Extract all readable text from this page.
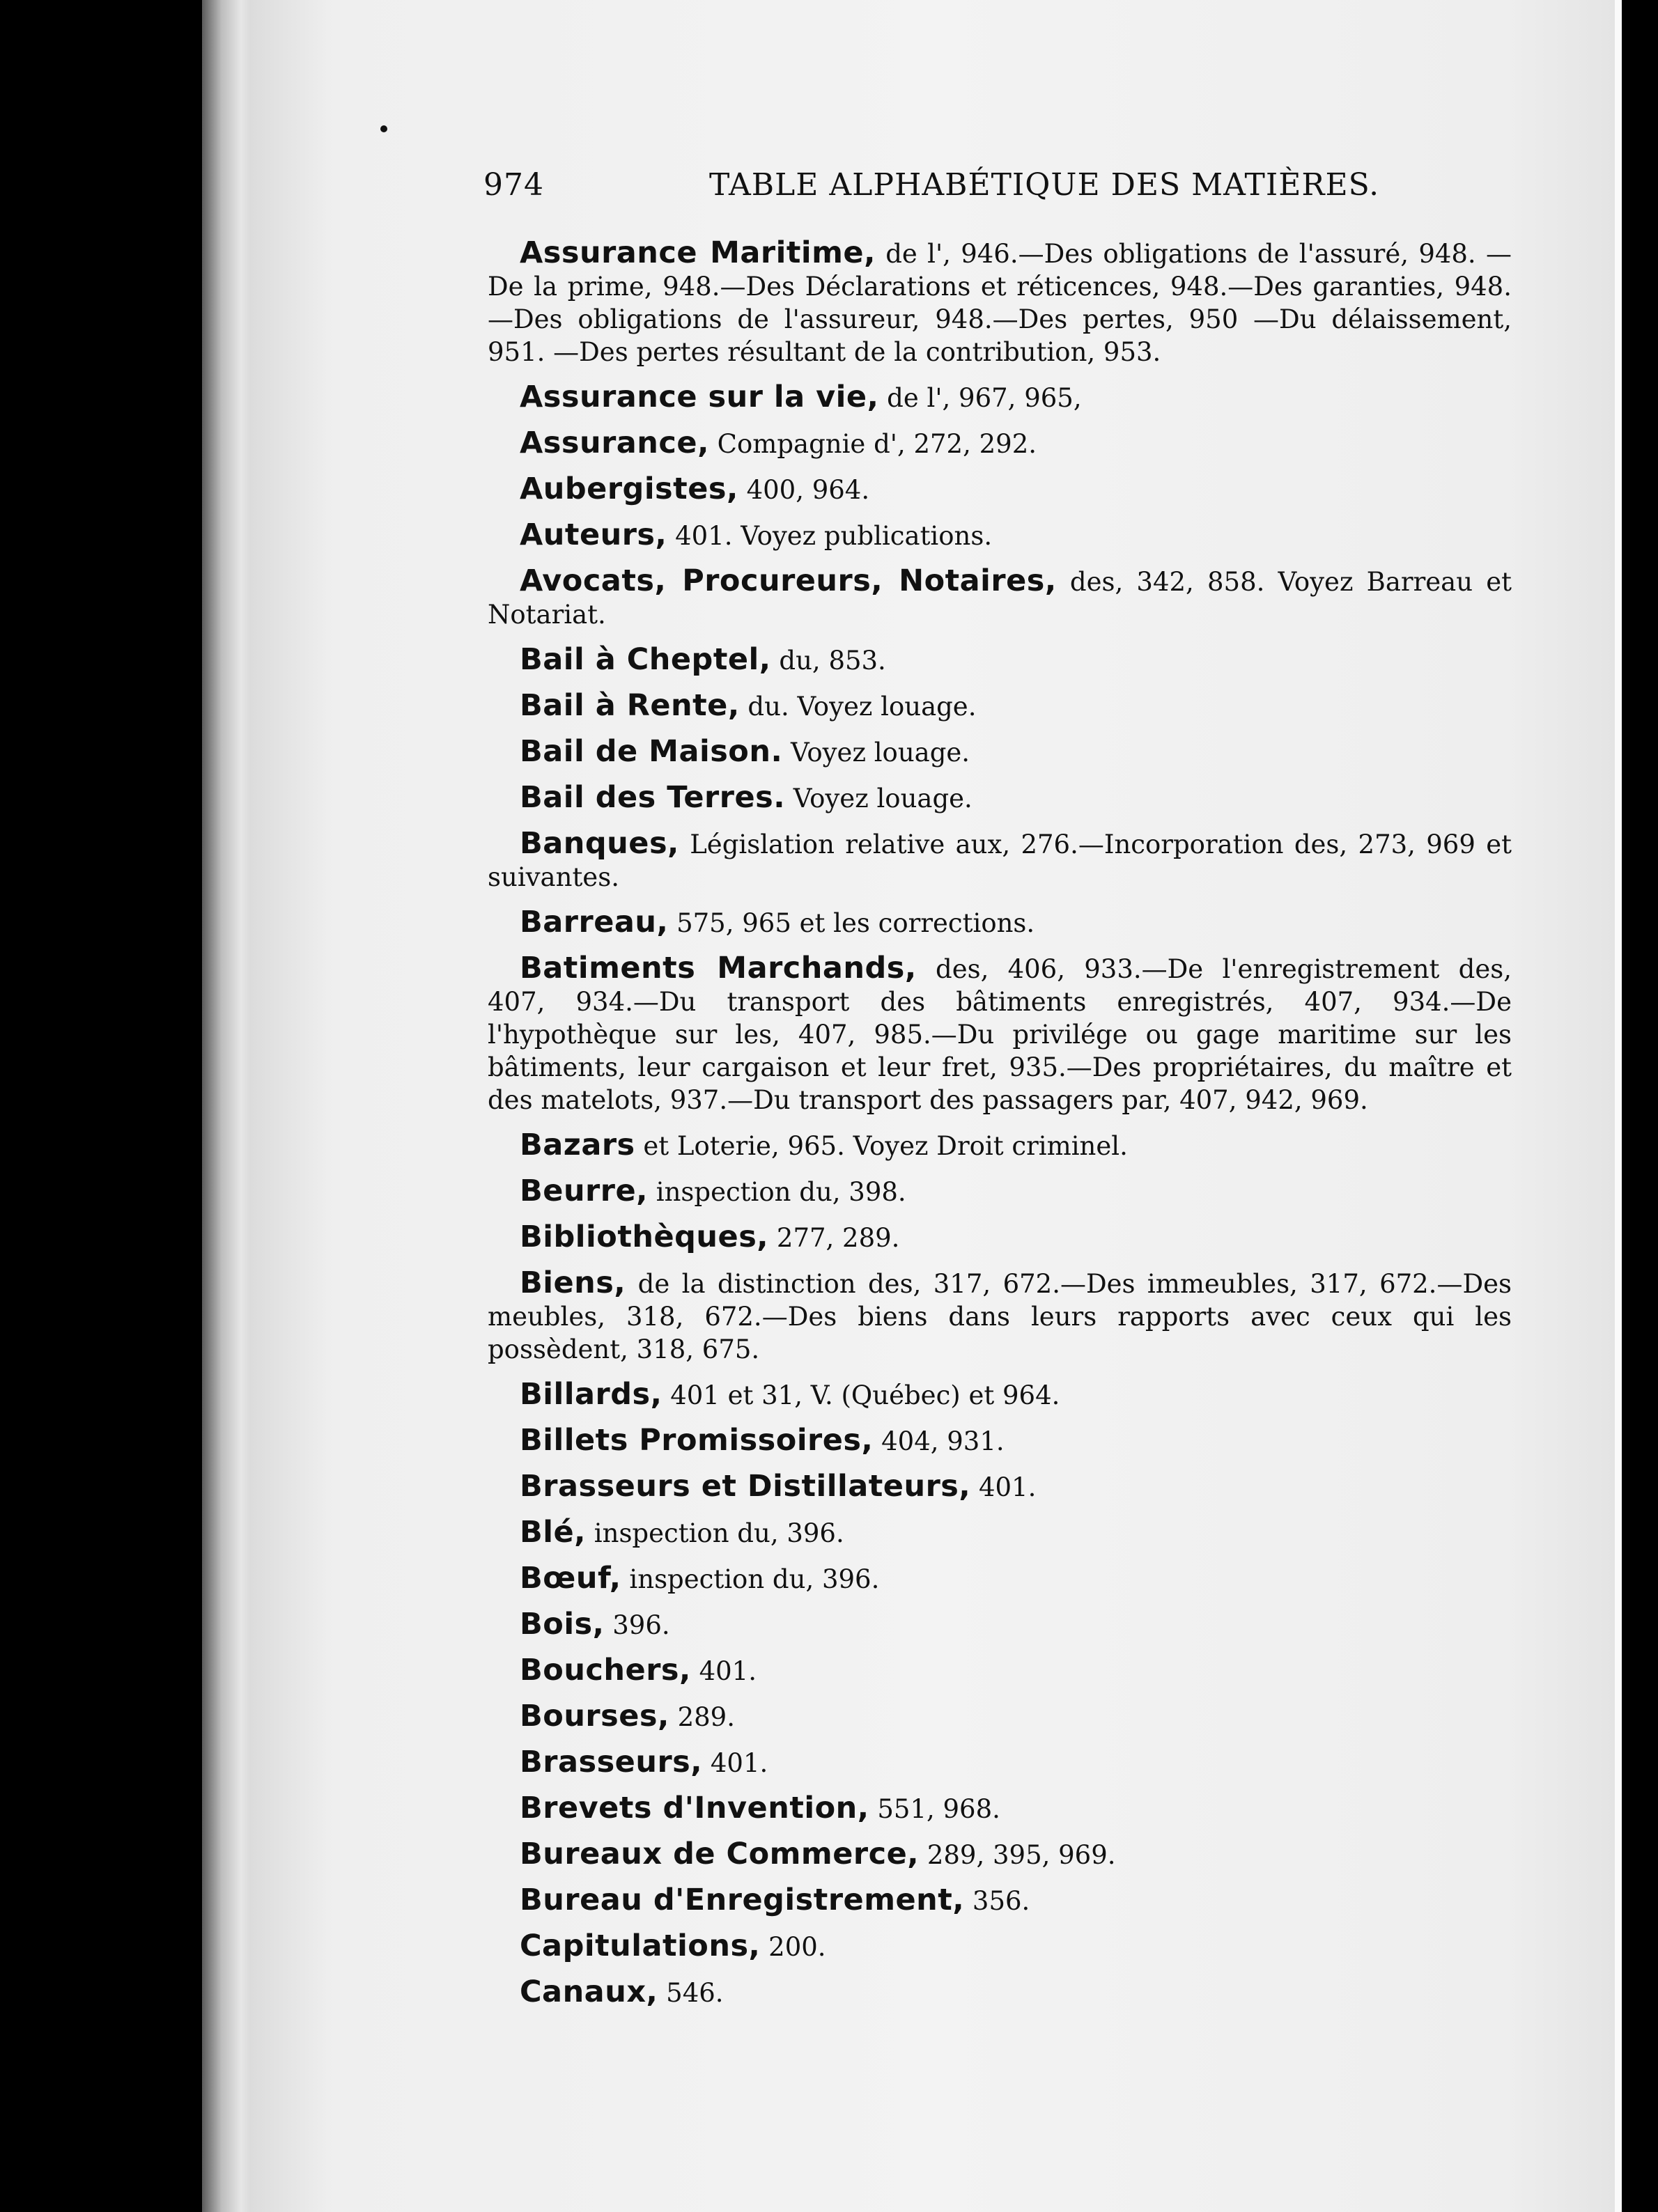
974	TABLE ALPHABÉTIQUE DES MATIÈRES.

Assurance Maritime, de l', 946.—Des obligations de l'assuré, 948. —De la prime, 948.—Des Déclarations et réticences, 948.—Des garanties, 948.—Des obligations de l'assureur, 948.—Des pertes, 950 —Du délaissement, 951. —Des pertes résultant de la contribution, 953.

Assurance sur la vie, de l', 967, 965,

Assurance, Compagnie d', 272, 292.

Aubergistes, 400, 964.

Auteurs, 401. Voyez publications.

Avocats, Procureurs, Notaires, des, 342, 858. Voyez Barreau et Notariat.

Bail à Cheptel, du, 853.

Bail à Rente, du. Voyez louage.

Bail de Maison. Voyez louage.

Bail des Terres. Voyez louage.

Banques, Législation relative aux, 276.—Incorporation des, 273, 969 et suivantes.

Barreau, 575, 965 et les corrections.

Batiments Marchands, des, 406, 933.—De l'enregistrement des, 407, 934.—Du transport des bâtiments enregistrés, 407, 934.—De l'hypothèque sur les, 407, 985.—Du privilége ou gage maritime sur les bâtiments, leur cargaison et leur fret, 935.—Des propriétaires, du maître et des matelots, 937.—Du transport des passagers par, 407, 942, 969.

Bazars et Loterie, 965. Voyez Droit criminel.

Beurre, inspection du, 398.

Bibliothèques, 277, 289.

Biens, de la distinction des, 317, 672.—Des immeubles, 317, 672.—Des meubles, 318, 672.—Des biens dans leurs rapports avec ceux qui les possèdent, 318, 675.

Billards, 401 et 31, V. (Québec) et 964.

Billets Promissoires, 404, 931.

Brasseurs et Distillateurs, 401.

Blé, inspection du, 396.

Bœuf, inspection du, 396.

Bois, 396.

Bouchers, 401.

Bourses, 289.

Brasseurs, 401.

Brevets d'Invention, 551, 968.

Bureaux de Commerce, 289, 395, 969.

Bureau d'Enregistrement, 356.

Capitulations, 200.

Canaux, 546.
